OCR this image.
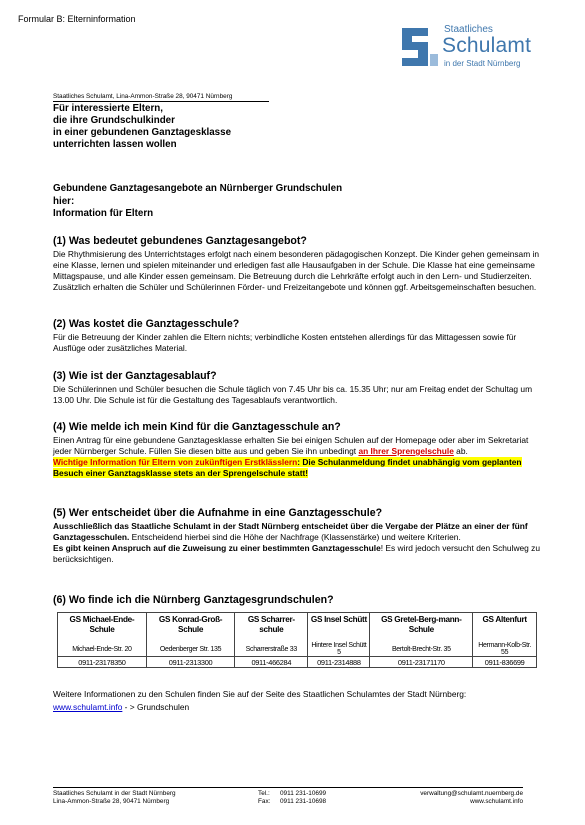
Formular B: Elterninformation
Staatliches
Schulamt
in der Stadt Nürnberg
Staatliches Schulamt, Lina-Ammon-Straße 28, 90471 Nürnberg
Für interessierte Eltern,
die ihre Grundschulkinder
in einer gebundenen Ganztagesklasse
unterrichten lassen wollen
Gebundene Ganztagesangebote an Nürnberger Grundschulen
hier:
Information für Eltern
(1) Was bedeutet gebundenes Ganztagesangebot?

Die Rhythmisierung des Unterrichtstages erfolgt nach einem besonderen pädagogischen Konzept. Die Kinder gehen gemeinsam in eine Klasse, lernen und spielen miteinander und erledigen fast alle Hausaufgaben in der Schule. Die Klasse hat eine gemeinsame Mittagspause, und alle Kinder essen gemeinsam. Die Betreuung durch die Lehrkräfte erfolgt auch in den Lern- und Studierzeiten. Zusätzlich erhalten die Schüler und Schülerinnen Förder- und Freizeitangebote und können ggf. Arbeitsgemeinschaften besuchen.

(2) Was kostet die Ganztagesschule?

Für die Betreuung der Kinder zahlen die Eltern nichts; verbindliche Kosten entstehen allerdings für das Mittagessen sowie für Ausflüge oder zusätzliches Material.

(3) Wie ist der Ganztagesablauf?

Die Schülerinnen und Schüler besuchen die Schule täglich von 7.45 Uhr bis ca. 15.35 Uhr; nur am Freitag endet der Schultag um 13.00 Uhr. Die Schule ist für die Gestaltung des Tagesablaufs verantwortlich.

(4) Wie melde ich mein Kind für die Ganztagesschule an?

Einen Antrag für eine gebundene Ganztagesklasse erhalten Sie bei einigen Schulen auf der Homepage oder aber im Sekretariat jeder Nürnberger Schule. Füllen Sie diesen bitte aus und geben Sie ihn unbedingt an Ihrer Sprengelschule ab.

Wichtige Information für Eltern von zukünftigen Erstklässlern: Die Schulanmeldung findet unabhängig vom geplanten Besuch einer Ganztagsklasse stets an der Sprengelschule statt!

(5) Wer entscheidet über die Aufnahme in eine Ganztagesschule?

Ausschließlich das Staatliche Schulamt in der Stadt Nürnberg entscheidet über die Vergabe der Plätze an einer der fünf Ganztagesschulen. Entscheidend hierbei sind die Höhe der Nachfrage (Klassenstärke) und weitere Kriterien.
Es gibt keinen Anspruch auf die Zuweisung zu einer bestimmten Ganztagesschule! Es wird jedoch versucht den Schulweg zu berücksichtigen.

(6) Wo finde ich die Nürnberg Ganztagesgrundschulen?
GS Michael-Ende-Schule	GS Konrad-Groß-Schule	GS Scharrer-schule	GS Insel Schütt	GS Gretel-Berg-mann-Schule	GS Altenfurt
Michael-Ende-Str. 20	Oedenberger Str. 135	Scharrerstraße 33	Hintere Insel Schütt 5	Bertolt-Brecht-Str. 35	Hermann-Kolb-Str. 55
0911-23178350	0911-2313300	0911-466284	0911-2314888	0911-23171170	0911-836699
Weitere Informationen zu den Schulen finden Sie auf der Seite des Staatlichen Schulamtes der Stadt Nürnberg: www.schulamt.info - > Grundschulen
Staatliches Schulamt in der Stadt Nürnberg
Lina-Ammon-Straße 28, 90471 Nürnberg
Tel.:
Fax:
0911 231-10699
0911 231-10698
verwaltung@schulamt.nuernberg.de
www.schulamt.info
